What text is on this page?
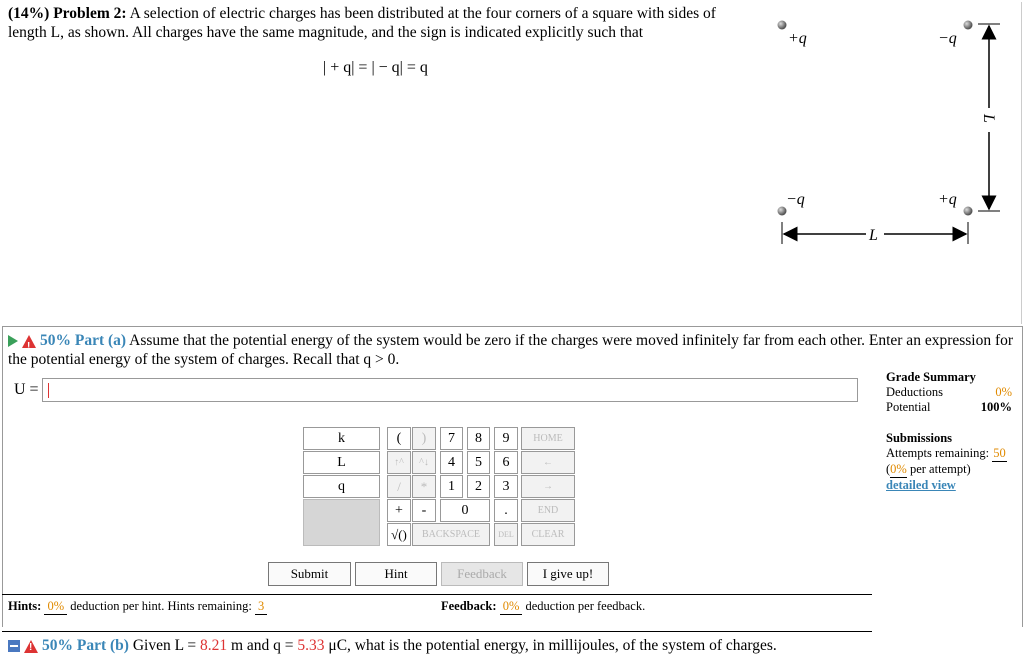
(14%) Problem 2: A selection of electric charges has been distributed at the four corners of a square with sides of length L, as shown. All charges have the same magnitude, and the sign is indicated explicitly such that
| + q| = | − q| = q
+q	−q
−q	+q
L
L
! 50% Part (a) Assume that the potential energy of the system would be zero if the charges were moved infinitely far from each other. Enter an expression for the potential energy of the system of charges. Recall that q > 0.
U =
Grade Summary
Deductions	0%
Potential	100%
Submissions
Attempts remaining: 50
(0% per attempt)
detailed view
k
L
q
(	)	7	8	9	HOME
↑^	^↓	4	5	6	←
/	*	1	2	3	→
+	-	0	.	END
√()	BACKSPACE	DEL	CLEAR
Submit	Hint	Feedback	I give up!
Hints: 0% deduction per hint. Hints remaining: 3	Feedback: 0% deduction per feedback.
! 50% Part (b) Given L = 8.21 m and q = 5.33 μC, what is the potential energy, in millijoules, of the system of charges.
